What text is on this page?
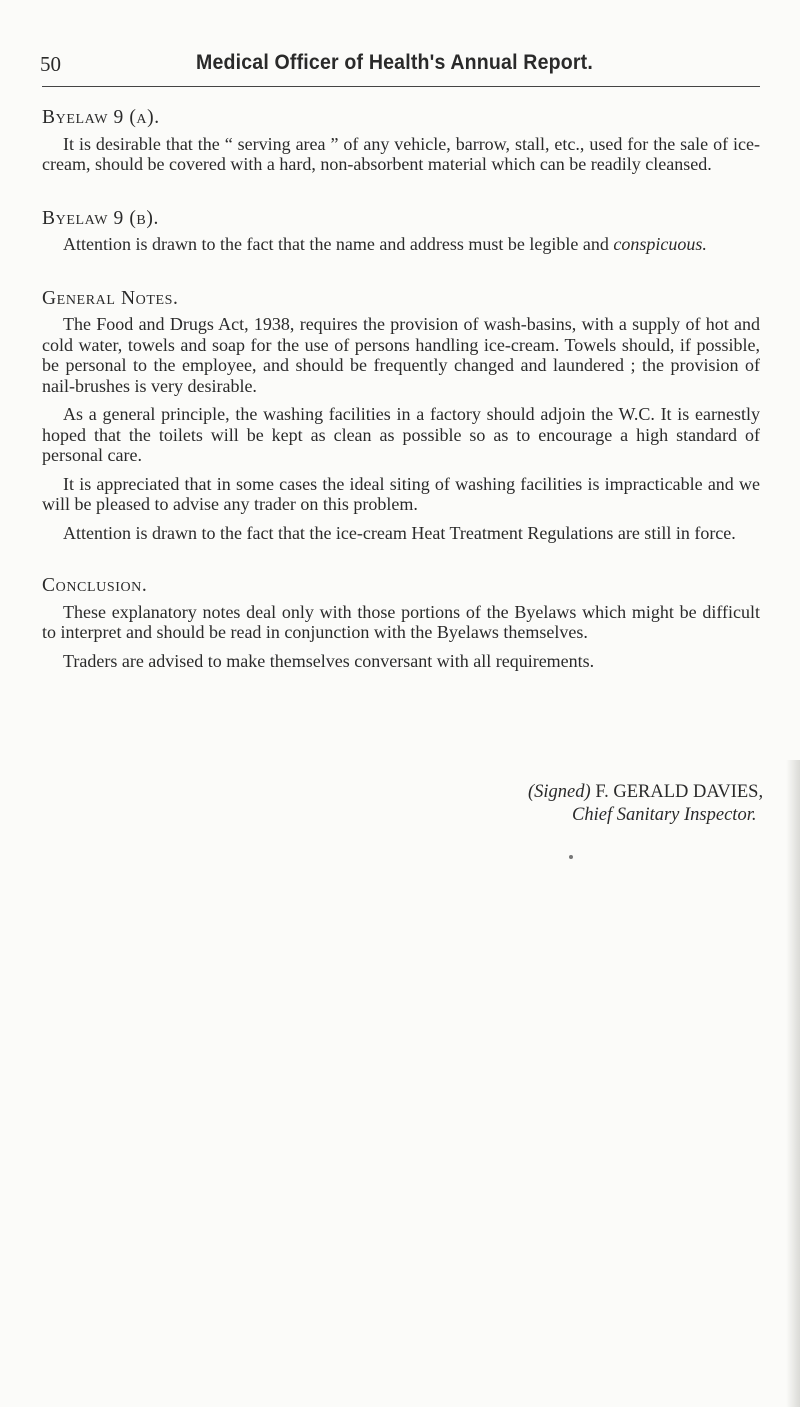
50	Medical Officer of Health's Annual Report.
Byelaw 9 (a).

It is desirable that the “ serving area ” of any vehicle, barrow, stall, etc., used for the sale of ice-cream, should be covered with a hard, non-absorbent material which can be readily cleansed.

Byelaw 9 (b).

Attention is drawn to the fact that the name and address must be legible and conspicuous.

General Notes.

The Food and Drugs Act, 1938, requires the provision of wash-basins, with a supply of hot and cold water, towels and soap for the use of persons handling ice-cream. Towels should, if possible, be personal to the employee, and should be frequently changed and laundered ; the provision of nail-brushes is very desirable.

As a general principle, the washing facilities in a factory should adjoin the W.C. It is earnestly hoped that the toilets will be kept as clean as possible so as to encourage a high standard of personal care.

It is appreciated that in some cases the ideal siting of washing facilities is impracticable and we will be pleased to advise any trader on this problem.

Attention is drawn to the fact that the ice-cream Heat Treatment Regulations are still in force.

Conclusion.

These explanatory notes deal only with those portions of the Byelaws which might be difficult to interpret and should be read in conjunction with the Byelaws themselves.

Traders are advised to make themselves conversant with all requirements.

(Signed) F. GERALD DAVIES,
Chief Sanitary Inspector.
